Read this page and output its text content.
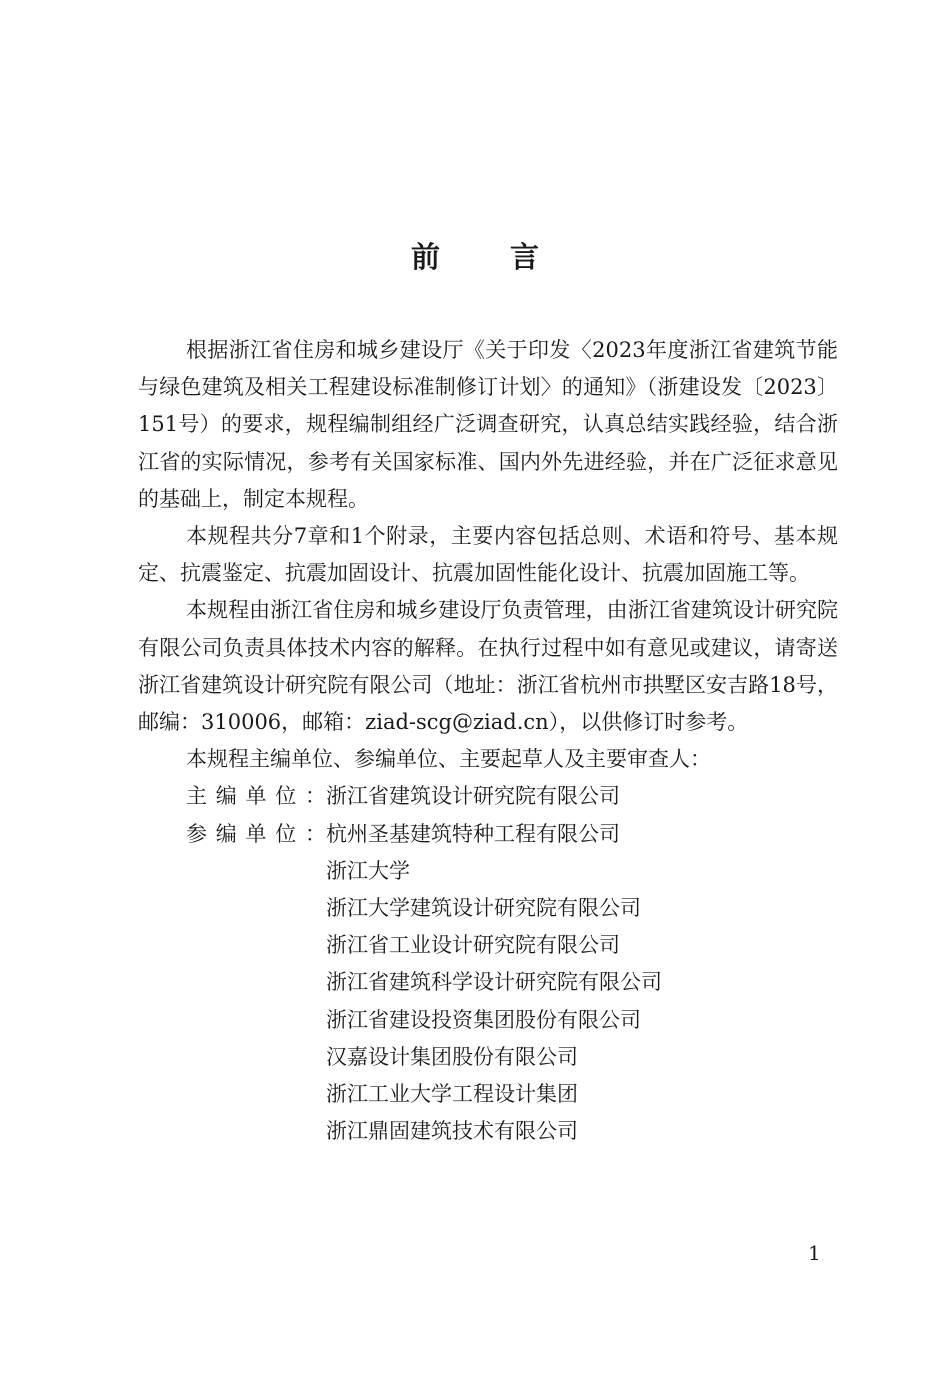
前言

根据浙江省住房和城乡建设厅《关于印发〈2023年度浙江省建筑节能与绿色建筑及相关工程建设标准制修订计划〉的通知》（浙建设发〔2023〕151号）的要求，规程编制组经广泛调查研究，认真总结实践经验，结合浙江省的实际情况，参考有关国家标准、国内外先进经验，并在广泛征求意见的基础上，制定本规程。

本规程共分7章和1个附录，主要内容包括总则、术语和符号、基本规定、抗震鉴定、抗震加固设计、抗震加固性能化设计、抗震加固施工等。

本规程由浙江省住房和城乡建设厅负责管理，由浙江省建筑设计研究院有限公司负责具体技术内容的解释。在执行过程中如有意见或建议，请寄送浙江省建筑设计研究院有限公司（地址：浙江省杭州市拱墅区安吉路18号，邮编：310006，邮箱：ziad-scg@ziad.cn），以供修订时参考。

本规程主编单位、参编单位、主要起草人及主要审查人：

主编单位： 浙江省建筑设计研究院有限公司
参编单位： 杭州圣基建筑特种工程有限公司
浙江大学
浙江大学建筑设计研究院有限公司
浙江省工业设计研究院有限公司
浙江省建筑科学设计研究院有限公司
浙江省建设投资集团股份有限公司
汉嘉设计集团股份有限公司
浙江工业大学工程设计集团
浙江鼎固建筑技术有限公司
1
